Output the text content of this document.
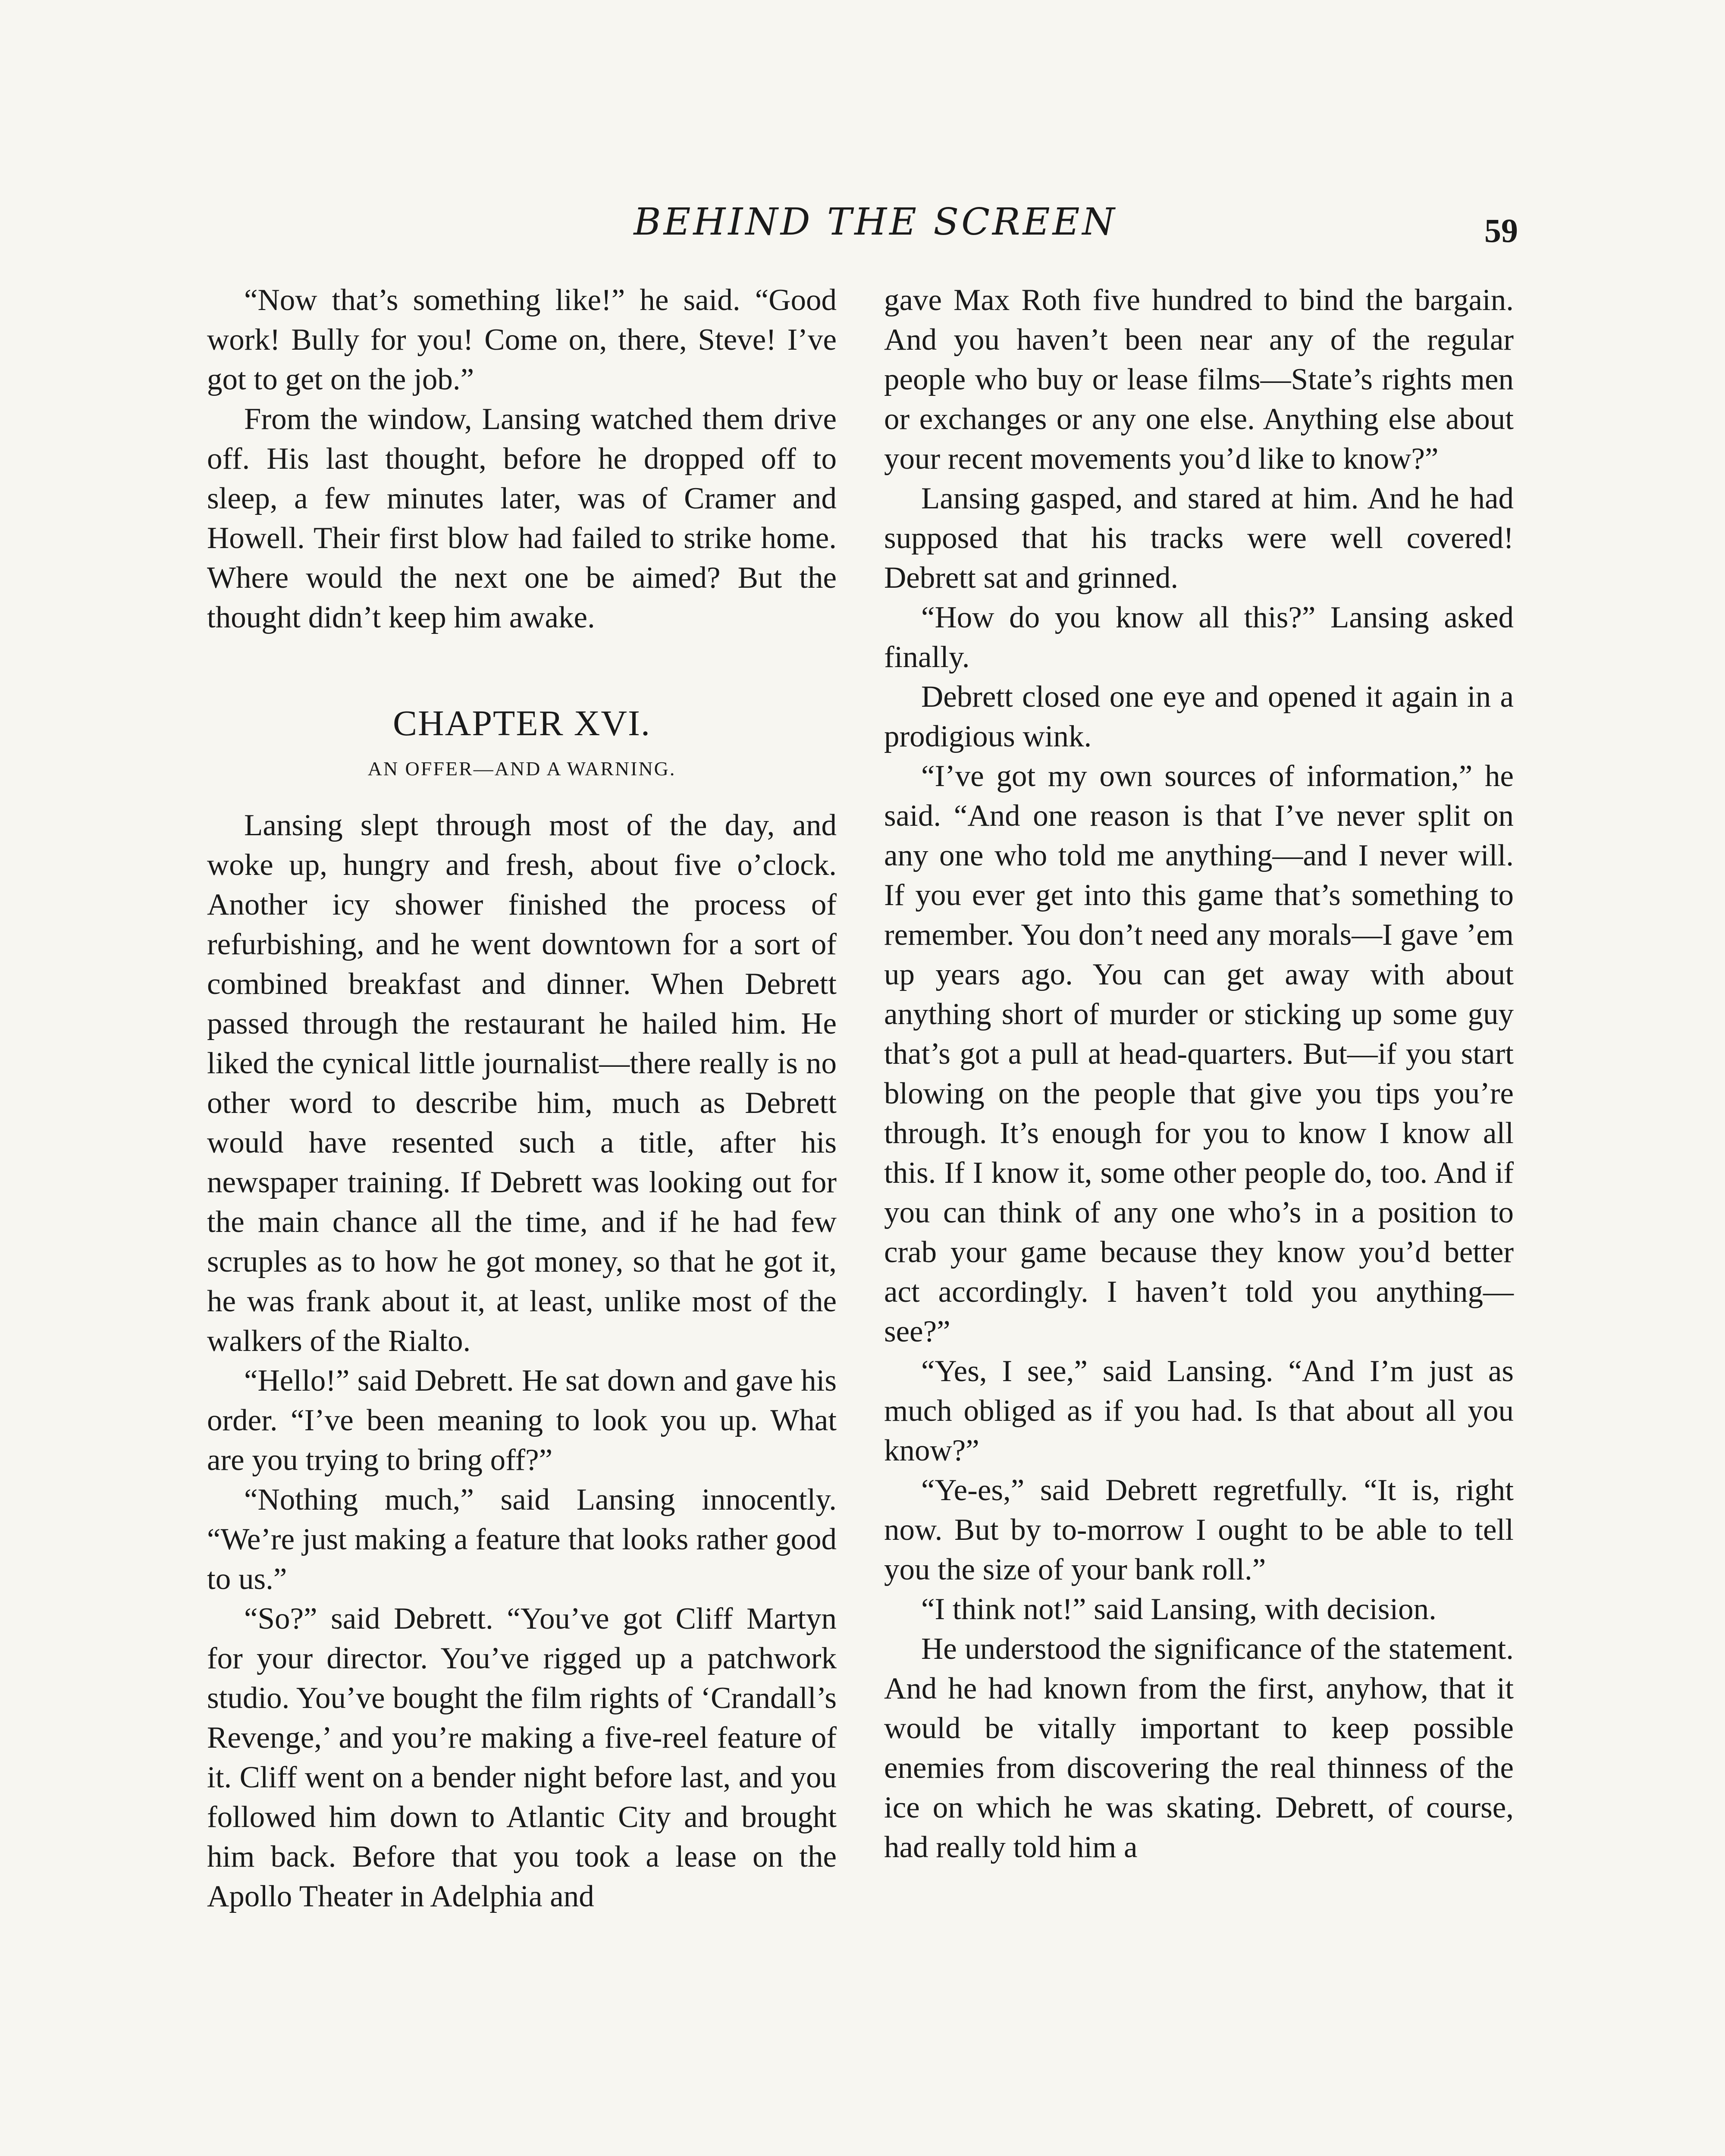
BEHIND THE SCREEN	59

“Now that’s something like!” he said. “Good work! Bully for you! Come on, there, Steve! I’ve got to get on the job.”

From the window, Lansing watched them drive off. His last thought, before he dropped off to sleep, a few minutes later, was of Cramer and Howell. Their first blow had failed to strike home. Where would the next one be aimed? But the thought didn’t keep him awake.

CHAPTER XVI.
AN OFFER—AND A WARNING.

Lansing slept through most of the day, and woke up, hungry and fresh, about five o’clock. Another icy shower finished the process of refurbishing, and he went downtown for a sort of combined breakfast and dinner. When Debrett passed through the restaurant he hailed him. He liked the cynical little journalist—there really is no other word to describe him, much as Debrett would have resented such a title, after his newspaper training. If Debrett was looking out for the main chance all the time, and if he had few scruples as to how he got money, so that he got it, he was frank about it, at least, unlike most of the walkers of the Rialto.

“Hello!” said Debrett. He sat down and gave his order. “I’ve been meaning to look you up. What are you trying to bring off?”

“Nothing much,” said Lansing innocently. “We’re just making a feature that looks rather good to us.”

“So?” said Debrett. “You’ve got Cliff Martyn for your director. You’ve rigged up a patchwork studio. You’ve bought the film rights of ‘Crandall’s Revenge,’ and you’re making a five-reel feature of it. Cliff went on a bender night before last, and you followed him down to Atlantic City and brought him back. Before that you took a lease on the Apollo Theater in Adelphia and

gave Max Roth five hundred to bind the bargain. And you haven’t been near any of the regular people who buy or lease films—State’s rights men or exchanges or any one else. Anything else about your recent movements you’d like to know?”

Lansing gasped, and stared at him. And he had supposed that his tracks were well covered! Debrett sat and grinned.

“How do you know all this?” Lansing asked finally.

Debrett closed one eye and opened it again in a prodigious wink.

“I’ve got my own sources of information,” he said. “And one reason is that I’ve never split on any one who told me anything—and I never will. If you ever get into this game that’s something to remember. You don’t need any morals—I gave ’em up years ago. You can get away with about anything short of murder or sticking up some guy that’s got a pull at head-quarters. But—if you start blowing on the people that give you tips you’re through. It’s enough for you to know I know all this. If I know it, some other people do, too. And if you can think of any one who’s in a position to crab your game because they know you’d better act accordingly. I haven’t told you anything—see?”

“Yes, I see,” said Lansing. “And I’m just as much obliged as if you had. Is that about all you know?”

“Ye-es,” said Debrett regretfully. “It is, right now. But by to-morrow I ought to be able to tell you the size of your bank roll.”

“I think not!” said Lansing, with decision.

He understood the significance of the statement. And he had known from the first, anyhow, that it would be vitally important to keep possible enemies from discovering the real thinness of the ice on which he was skating. Debrett, of course, had really told him a
